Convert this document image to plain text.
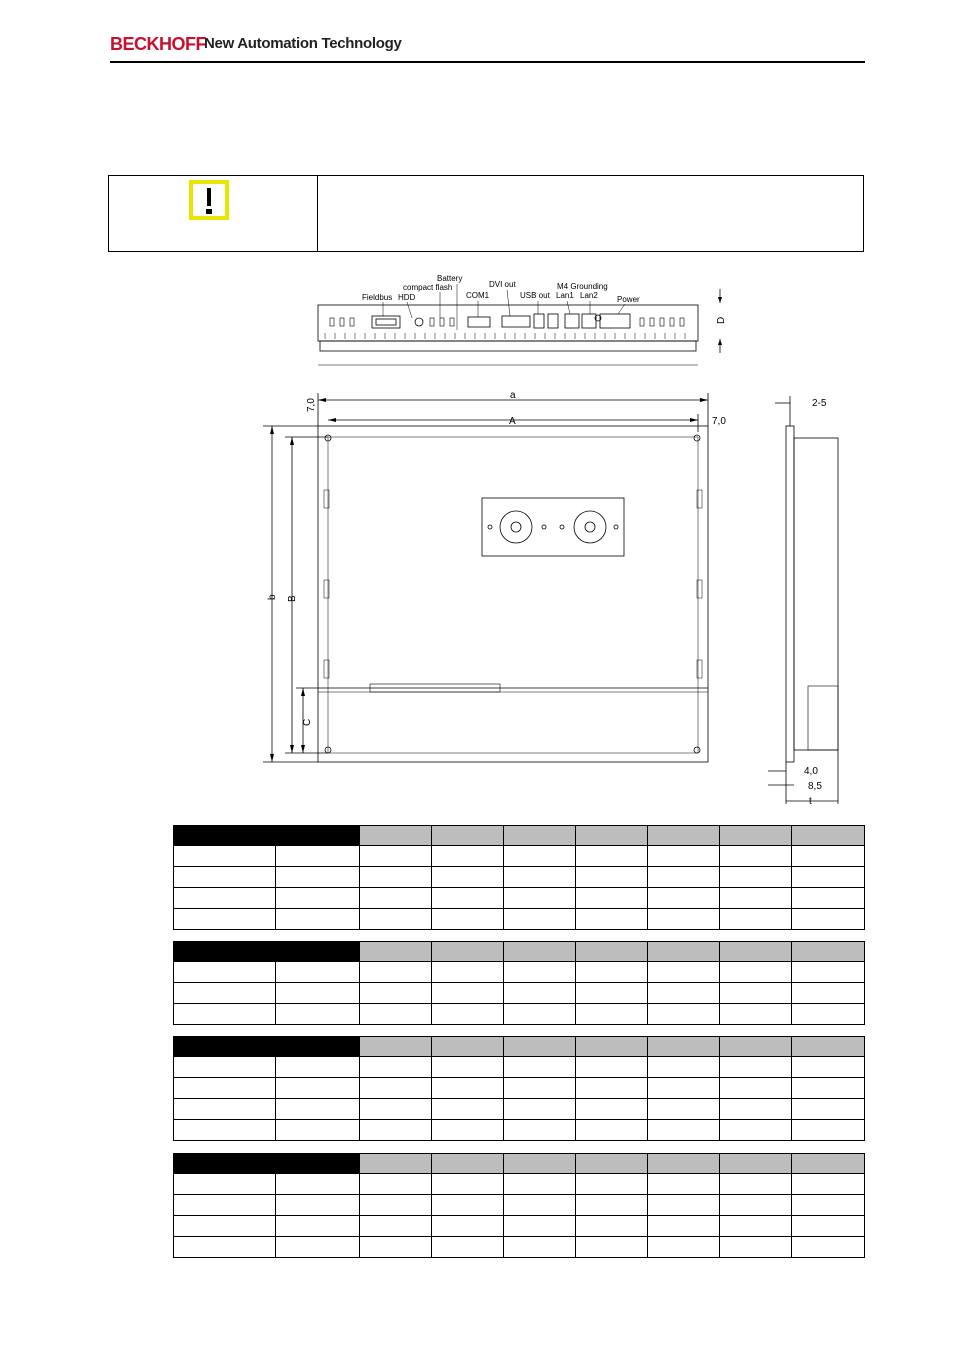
BECKHOFF
New Automation Technology
Fieldbus HDD
compact flash
Battery
COM1
DVI out
USB out
M4 Grounding
Lan1 Lan2 Power
D
a
A
b B
C
7,0
7,0
2-5
4,0
8,5
t
